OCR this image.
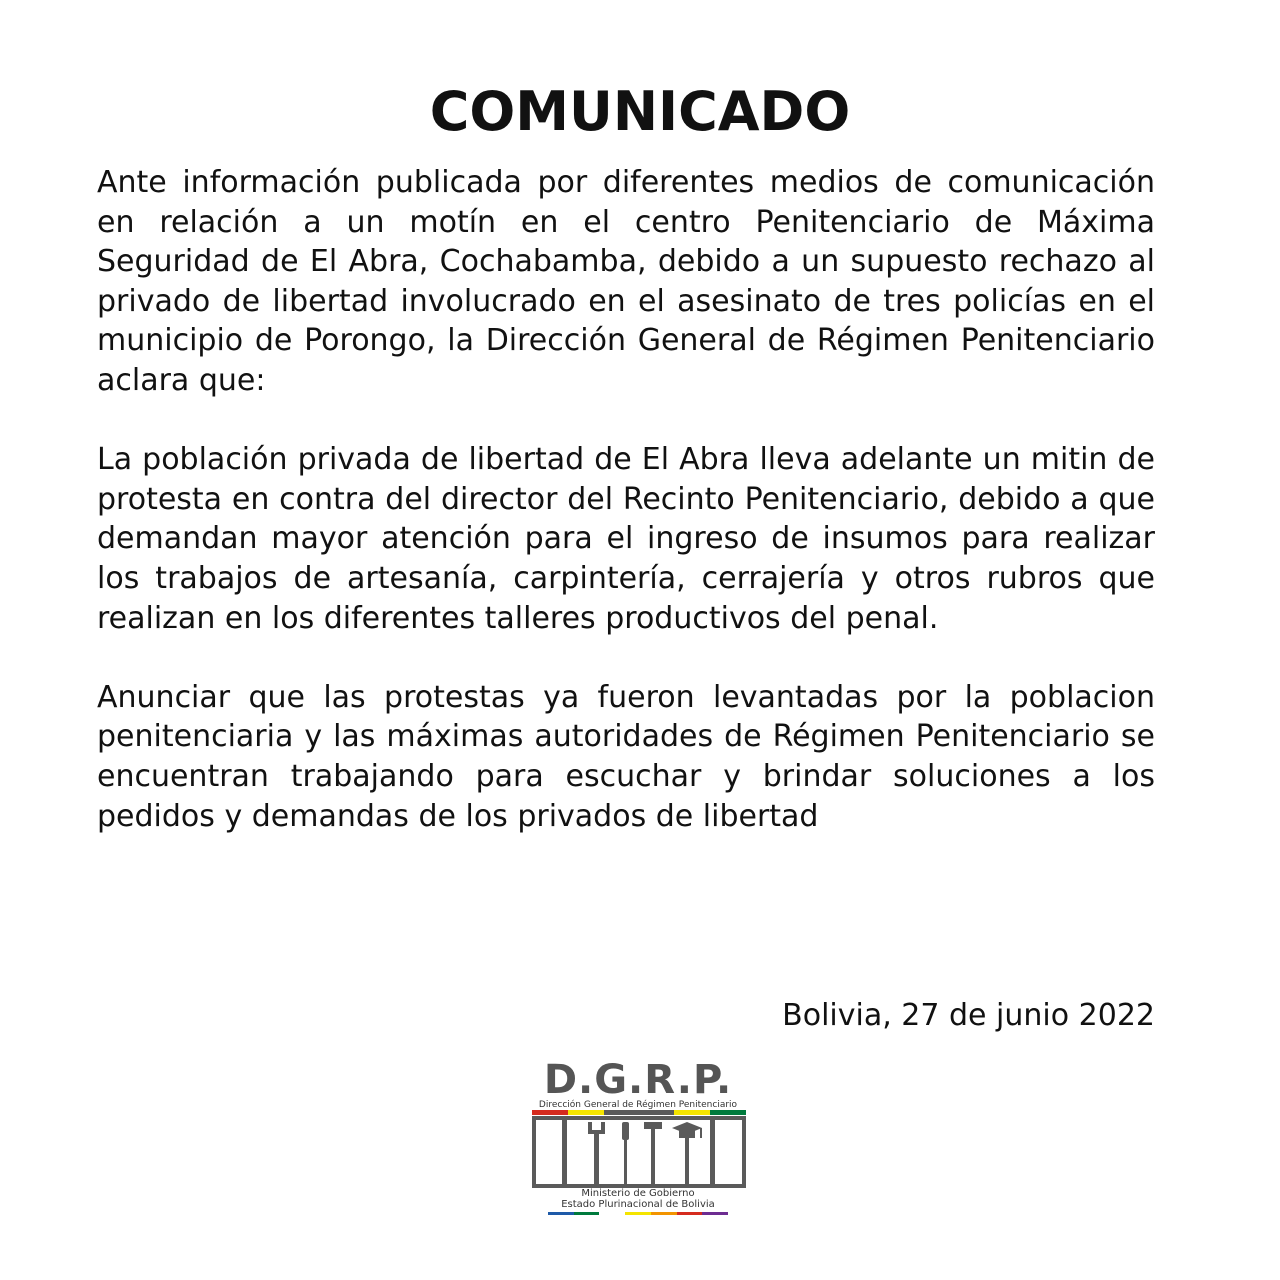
COMUNICADO

Ante información publicada por diferentes medios de comunicación en relación a un motín en el centro Penitenciario de Máxima Seguridad de El Abra, Cochabamba, debido a un supuesto rechazo al privado de libertad involucrado en el asesinato de tres policías en el municipio de Porongo, la Dirección General de Régimen Penitenciario aclara que:

La población privada de libertad de El Abra lleva adelante un mitin de protesta en contra del director del Recinto Penitenciario, debido a que demandan mayor atención para el ingreso de insumos para realizar los trabajos de artesanía, carpintería, cerrajería y otros rubros que realizan en los diferentes talleres productivos del penal.

Anunciar que las protestas ya fueron levantadas por la poblacion penitenciaria y las máximas autoridades de Régimen Penitenciario se encuentran trabajando para escuchar y brindar soluciones a los pedidos y demandas de los privados de libertad

Bolivia, 27 de junio 2022

D.G.R.P.
Dirección General de Régimen Penitenciario
Ministerio de Gobierno
Estado Plurinacional de Bolivia
